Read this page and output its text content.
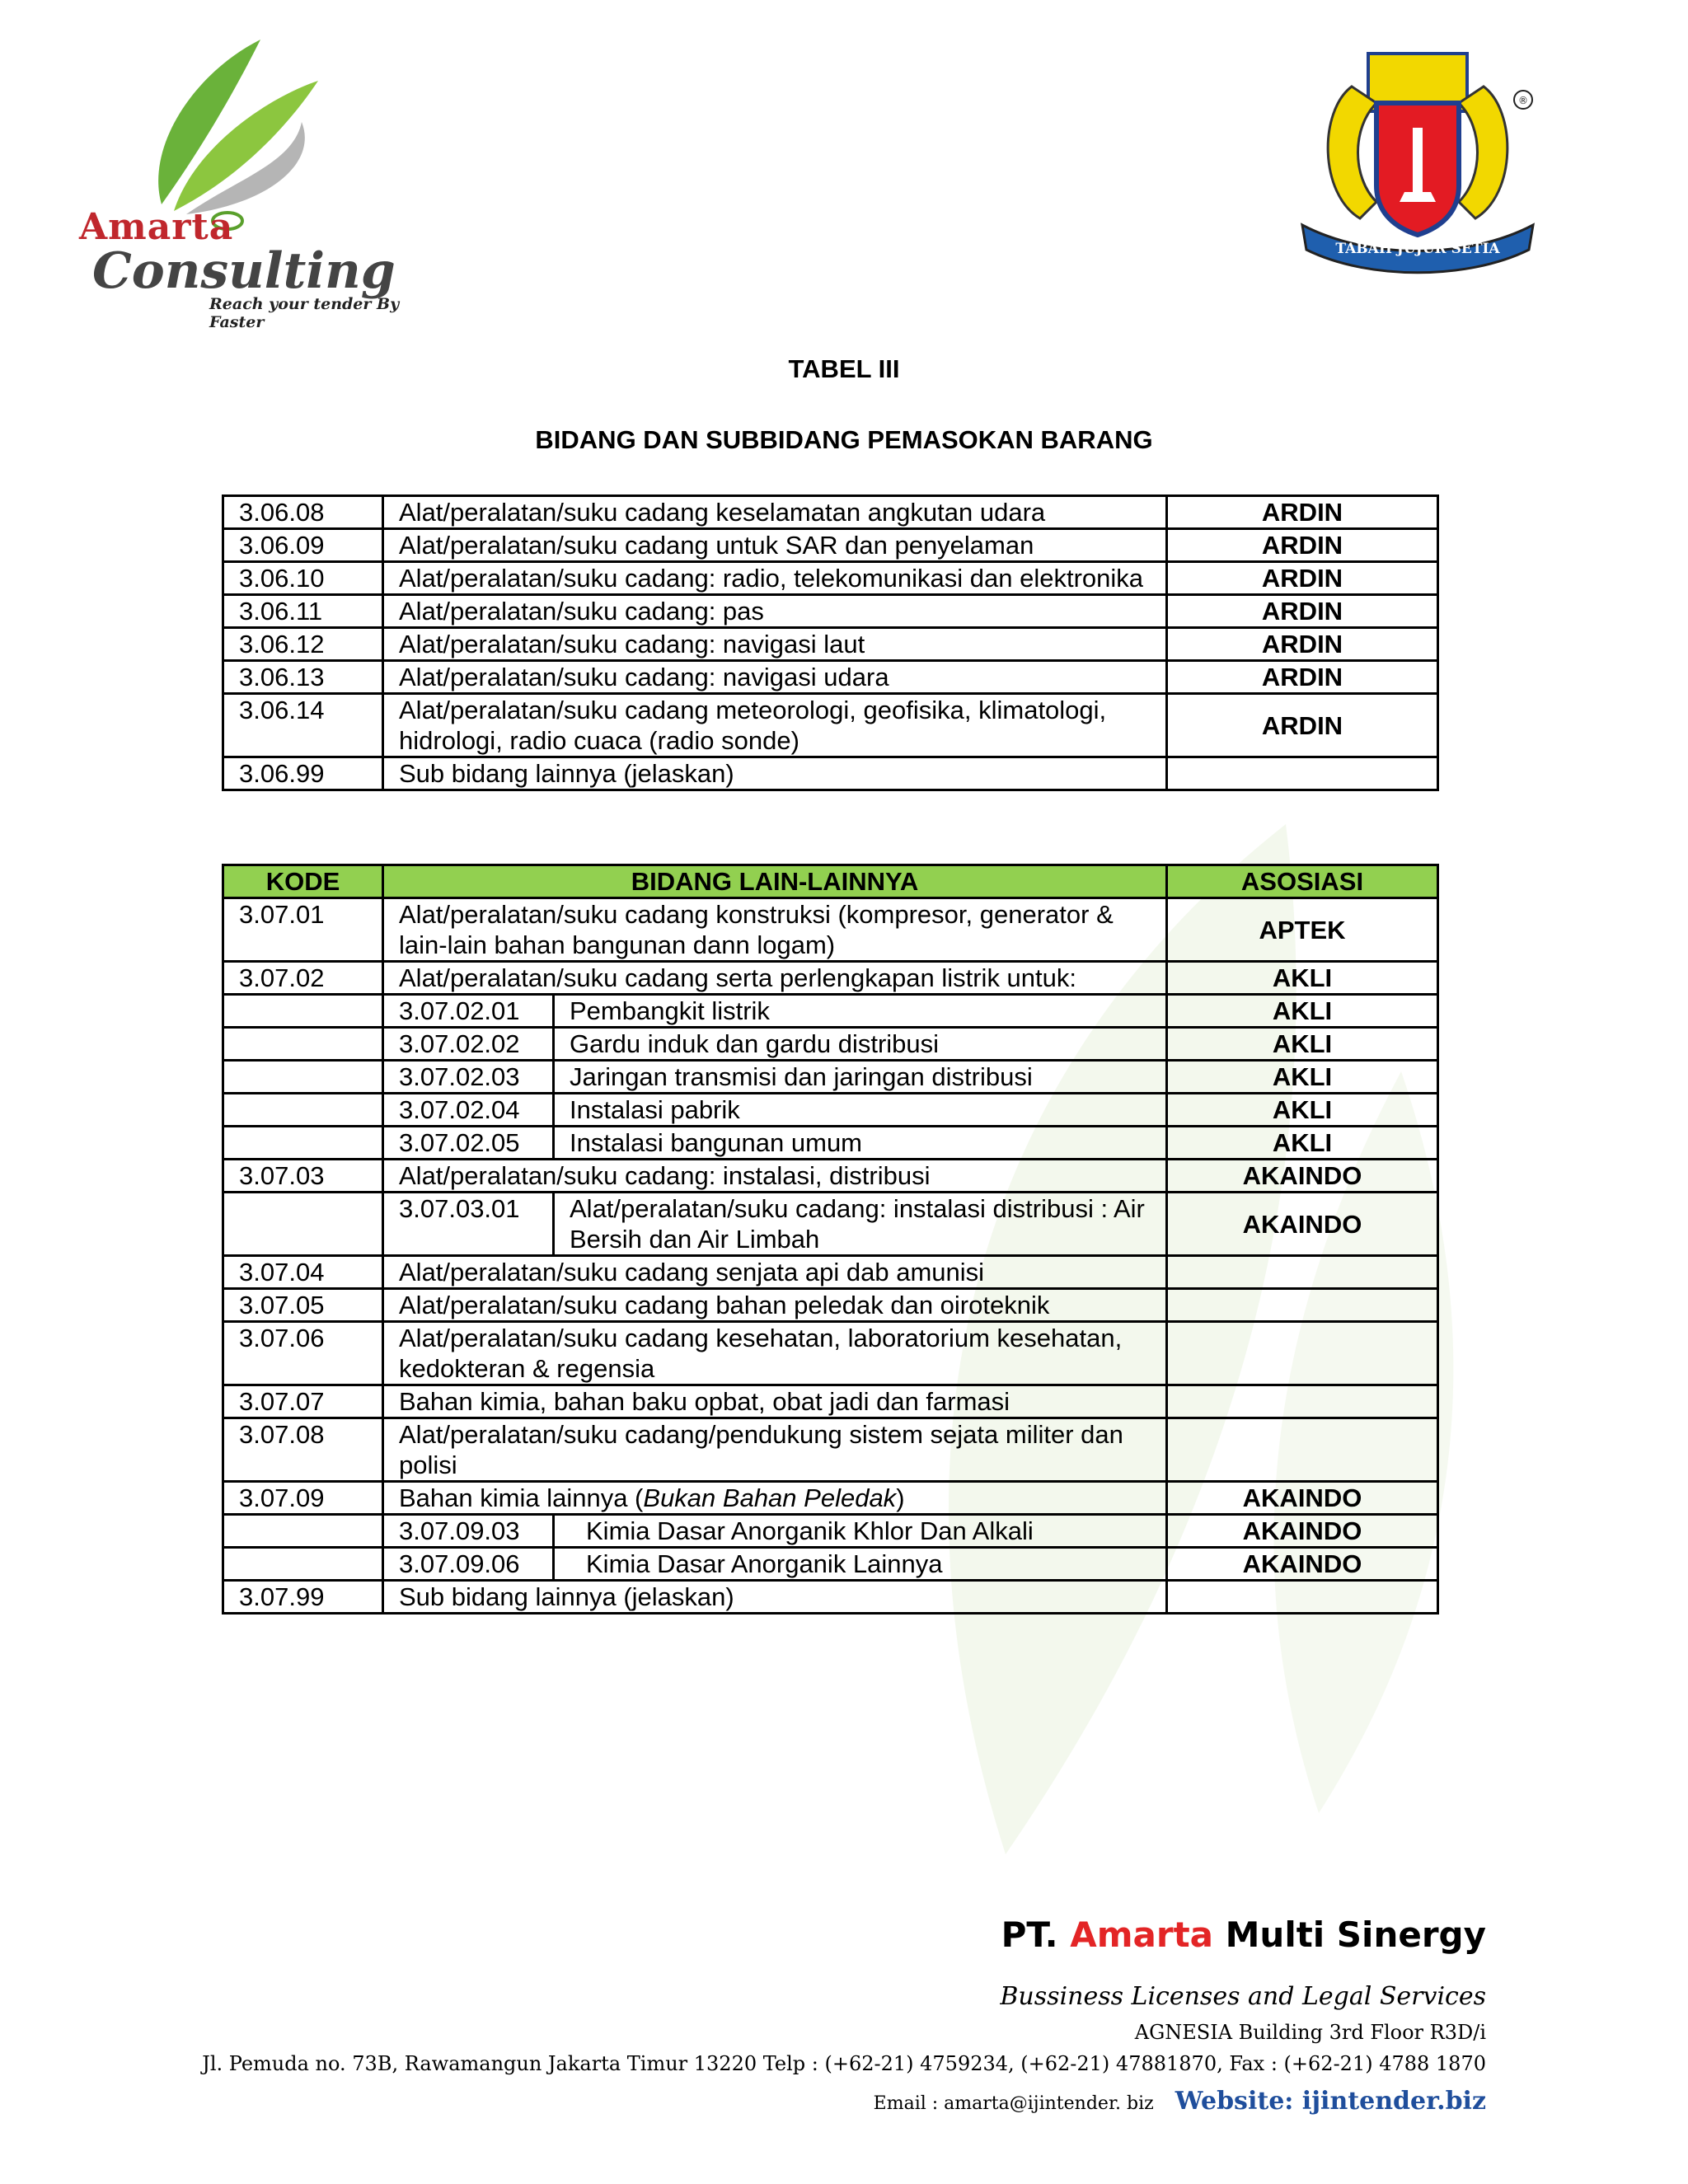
Amarta
Consulting
Reach your tender By Faster
TABAH JUJUR SETIA
®
TABEL III
BIDANG DAN SUBBIDANG PEMASOKAN BARANG
3.06.08	Alat/peralatan/suku cadang keselamatan angkutan udara	ARDIN
3.06.09	Alat/peralatan/suku cadang untuk SAR dan penyelaman	ARDIN
3.06.10	Alat/peralatan/suku cadang: radio, telekomunikasi dan elektronika	ARDIN
3.06.11	Alat/peralatan/suku cadang: pas	ARDIN
3.06.12	Alat/peralatan/suku cadang: navigasi laut	ARDIN
3.06.13	Alat/peralatan/suku cadang: navigasi udara	ARDIN
3.06.14	Alat/peralatan/suku cadang meteorologi, geofisika, klimatologi, hidrologi, radio cuaca (radio sonde)	ARDIN
3.06.99	Sub bidang lainnya (jelaskan)	
KODE	BIDANG LAIN-LAINNYA		ASOSIASI
3.07.01	Alat/peralatan/suku cadang konstruksi (kompresor, generator & lain-lain bahan bangunan dann logam)		APTEK
3.07.02	Alat/peralatan/suku cadang serta perlengkapan listrik untuk:		AKLI
	3.07.02.01	Pembangkit listrik	AKLI
	3.07.02.02	Gardu induk dan gardu distribusi	AKLI
	3.07.02.03	Jaringan transmisi dan jaringan distribusi	AKLI
	3.07.02.04	Instalasi pabrik	AKLI
	3.07.02.05	Instalasi bangunan umum	AKLI
3.07.03	Alat/peralatan/suku cadang: instalasi, distribusi		AKAINDO
	3.07.03.01	Alat/peralatan/suku cadang: instalasi distribusi : Air Bersih dan Air Limbah	AKAINDO
3.07.04	Alat/peralatan/suku cadang senjata api dab amunisi		
3.07.05	Alat/peralatan/suku cadang bahan peledak dan oiroteknik		
3.07.06	Alat/peralatan/suku cadang kesehatan, laboratorium kesehatan, kedokteran & regensia		
3.07.07	Bahan kimia, bahan baku opbat, obat jadi dan farmasi		
3.07.08	Alat/peralatan/suku cadang/pendukung sistem sejata militer dan polisi		
3.07.09	Bahan kimia lainnya (Bukan Bahan Peledak)		AKAINDO
	3.07.09.03	Kimia Dasar Anorganik Khlor Dan Alkali	AKAINDO
	3.07.09.06	Kimia Dasar Anorganik Lainnya	AKAINDO
3.07.99	Sub bidang lainnya (jelaskan)		
PT. Amarta Multi Sinergy
Bussiness Licenses and Legal Services
AGNESIA Building 3rd Floor R3D/i
Jl. Pemuda no. 73B, Rawamangun Jakarta Timur 13220 Telp : (+62-21) 4759234, (+62-21) 47881870, Fax : (+62-21) 4788 1870
Email : amarta@ijintender. biz Website: ijintender.biz
